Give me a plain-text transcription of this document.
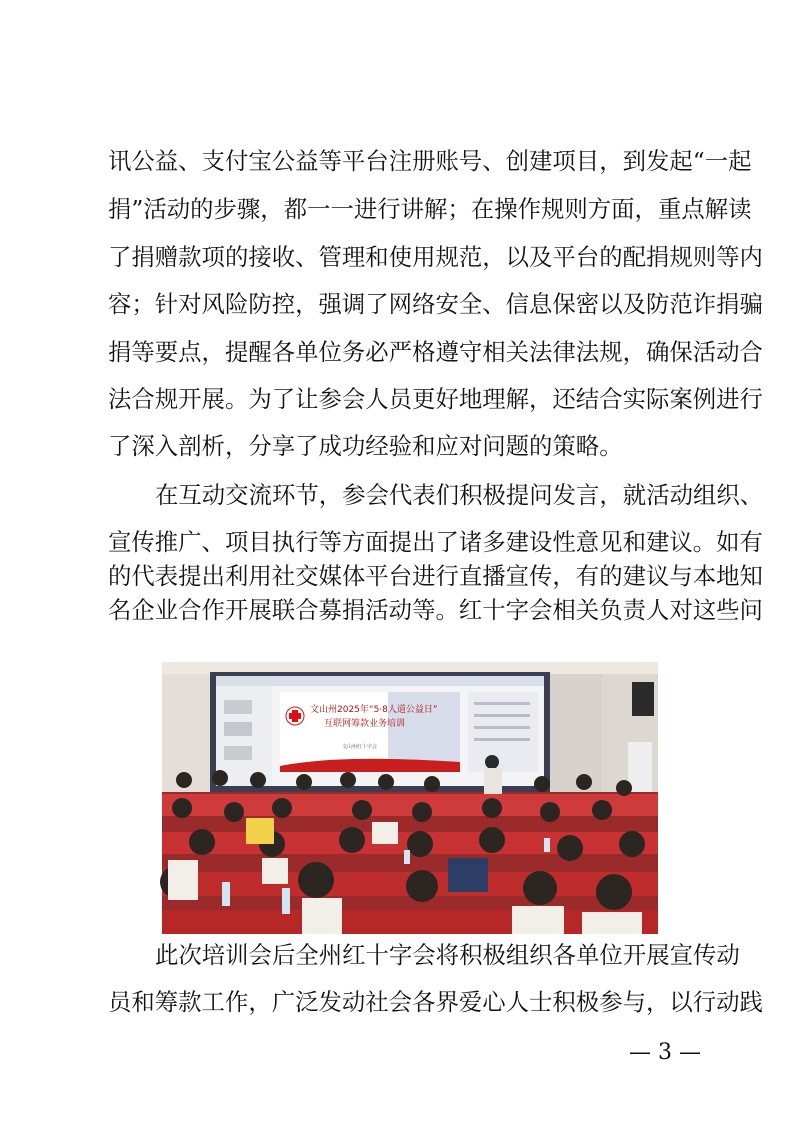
讯公益、支付宝公益等平台注册账号、创建项目，到发起“一起
捐”活动的步骤，都一一进行讲解；在操作规则方面，重点解读
了捐赠款项的接收、管理和使用规范，以及平台的配捐规则等内
容；针对风险防控，强调了网络安全、信息保密以及防范诈捐骗
捐等要点，提醒各单位务必严格遵守相关法律法规，确保活动合
法合规开展。为了让参会人员更好地理解，还结合实际案例进行
了深入剖析，分享了成功经验和应对问题的策略。
在互动交流环节，参会代表们积极提问发言，就活动组织、
宣传推广、项目执行等方面提出了诸多建设性意见和建议。如有
的代表提出利用社交媒体平台进行直播宣传，有的建议与本地知
名企业合作开展联合募捐活动等。红十字会相关负责人对这些问
文山州2025年“5·8人道公益日”
互联网筹款业务培训
文山州红十字会
此次培训会后全州红十字会将积极组织各单位开展宣传动
员和筹款工作，广泛发动社会各界爱心人士积极参与，以行动践
— 3 —
